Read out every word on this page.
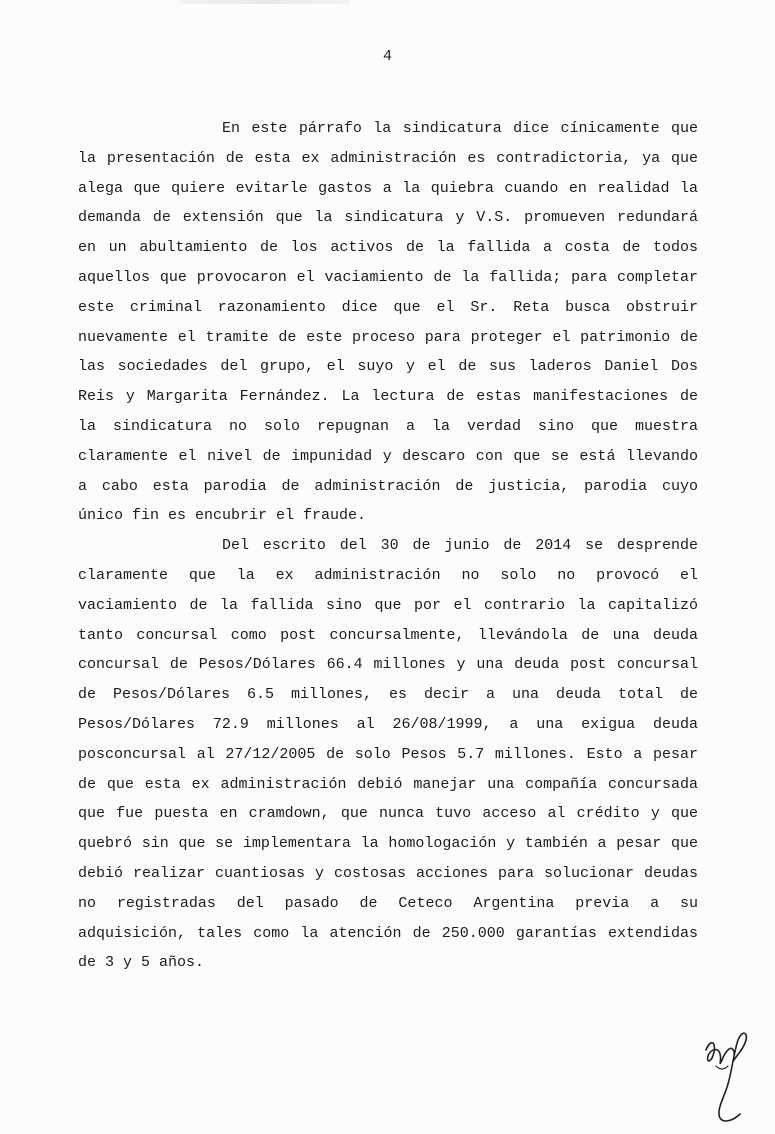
4

En este párrafo la sindicatura dice cínicamente que la presentación de esta ex administración es contradictoria, ya que alega que quiere evitarle gastos a la quiebra cuando en realidad la demanda de extensión que la sindicatura y V.S. promueven redundará en un abultamiento de los activos de la fallida a costa de todos aquellos que provocaron el vaciamiento de la fallida; para completar este criminal razonamiento dice que el Sr. Reta busca obstruir nuevamente el tramite de este proceso para proteger el patrimonio de las sociedades del grupo, el suyo y el de sus laderos Daniel Dos Reis y Margarita Fernández. La lectura de estas manifestaciones de la sindicatura no solo repugnan a la verdad sino que muestra claramente el nivel de impunidad y descaro con que se está llevando a cabo esta parodia de administración de justicia, parodia cuyo único fin es encubrir el fraude.

Del escrito del 30 de junio de 2014 se desprende claramente que la ex administración no solo no provocó el vaciamiento de la fallida sino que por el contrario la capitalizó tanto concursal como post concursalmente, llevándola de una deuda concursal de Pesos/Dólares 66.4 millones y una deuda post concursal de Pesos/Dólares 6.5 millones, es decir a una deuda total de Pesos/Dólares 72.9 millones al 26/08/1999, a una exigua deuda posconcursal al 27/12/2005 de solo Pesos 5.7 millones. Esto a pesar de que esta ex administración debió manejar una compañía concursada que fue puesta en cramdown, que nunca tuvo acceso al crédito y que quebró sin que se implementara la homologación y también a pesar que debió realizar cuantiosas y costosas acciones para solucionar deudas no registradas del pasado de Ceteco Argentina previa a su adquisición, tales como la atención de 250.000 garantías extendidas de 3 y 5 años.
